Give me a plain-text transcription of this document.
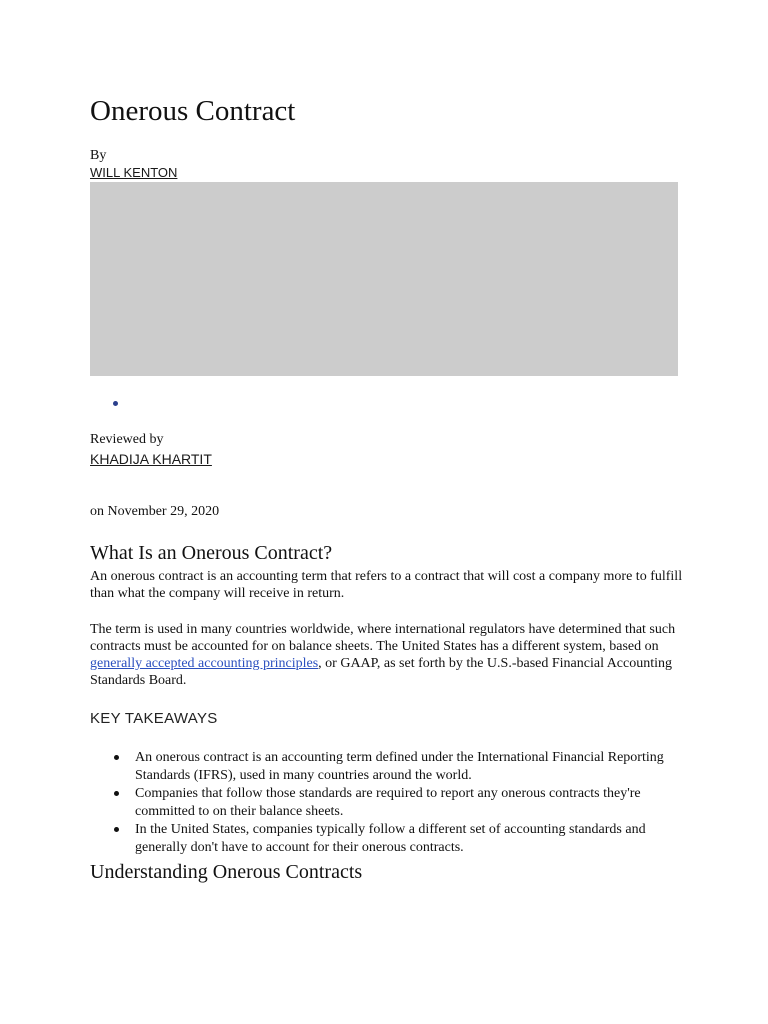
Onerous Contract
By
WILL KENTON
Reviewed by
KHADIJA KHARTIT
on November 29, 2020
What Is an Onerous Contract?

An onerous contract is an accounting term that refers to a contract that will cost a company more to fulfill than what the company will receive in return.

The term is used in many countries worldwide, where international regulators have determined that such contracts must be accounted for on balance sheets. The United States has a different system, based on generally accepted accounting principles, or GAAP, as set forth by the U.S.-based Financial Accounting Standards Board.

KEY TAKEAWAYS
An onerous contract is an accounting term defined under the International Financial Reporting Standards (IFRS), used in many countries around the world.
Companies that follow those standards are required to report any onerous contracts they're committed to on their balance sheets.
In the United States, companies typically follow a different set of accounting standards and generally don't have to account for their onerous contracts.
Understanding Onerous Contracts
